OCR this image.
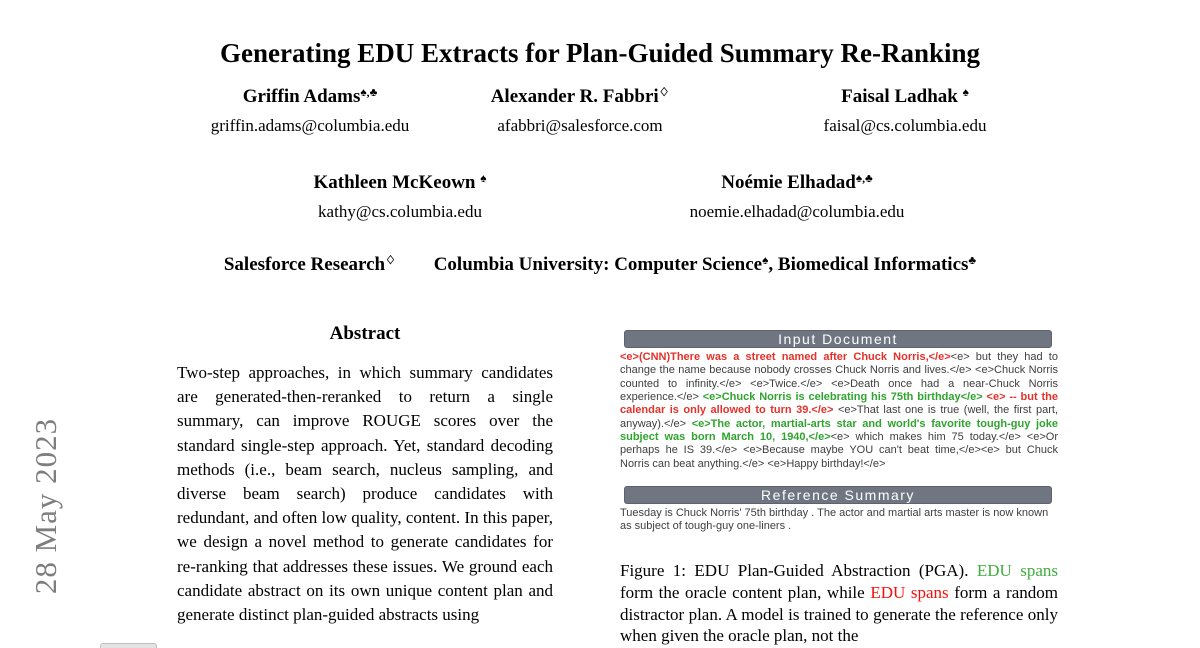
28 May 2023
Generating EDU Extracts for Plan-Guided Summary Re-Ranking
Griffin Adams♠,♣
griffin.adams@columbia.edu
Alexander R. Fabbri♢
afabbri@salesforce.com
Faisal Ladhak ♠
faisal@cs.columbia.edu
Kathleen McKeown ♠
kathy@cs.columbia.edu
Noémie Elhadad♠,♣
noemie.elhadad@columbia.edu
Salesforce Research♢ Columbia University: Computer Science♠, Biomedical Informatics♣
Abstract
Two-step approaches, in which summary candidates are generated-then-reranked to return a single summary, can improve ROUGE scores over the standard single-step approach. Yet, standard decoding methods (i.e., beam search, nucleus sampling, and diverse beam search) produce candidates with redundant, and often low quality, content. In this paper, we design a novel method to generate candidates for re-ranking that addresses these issues. We ground each candidate abstract on its own unique content plan and generate distinct plan-guided abstracts using
Input Document
<e>(CNN)There was a street named after Chuck Norris,</e><e> but they had to change the name because nobody crosses Chuck Norris and lives.</e> <e>Chuck Norris counted to infinity.</e> <e>Twice.</e> <e>Death once had a near-Chuck Norris experience.</e> <e>Chuck Norris is celebrating his 75th birthday</e> <e> -- but the calendar is only allowed to turn 39.</e> <e>That last one is true (well, the first part, anyway).</e> <e>The actor, martial-arts star and world's favorite tough-guy joke subject was born March 10, 1940,</e><e> which makes him 75 today.</e> <e>Or perhaps he IS 39.</e> <e>Because maybe YOU can't beat time,</e><e> but Chuck Norris can beat anything.</e> <e>Happy birthday!</e>
Reference Summary
Tuesday is Chuck Norris' 75th birthday . The actor and martial arts master is now known as subject of tough-guy one-liners .
Figure 1: EDU Plan-Guided Abstraction (PGA). EDU spans form the oracle content plan, while EDU spans form a random distractor plan. A model is trained to generate the reference only when given the oracle plan, not the
